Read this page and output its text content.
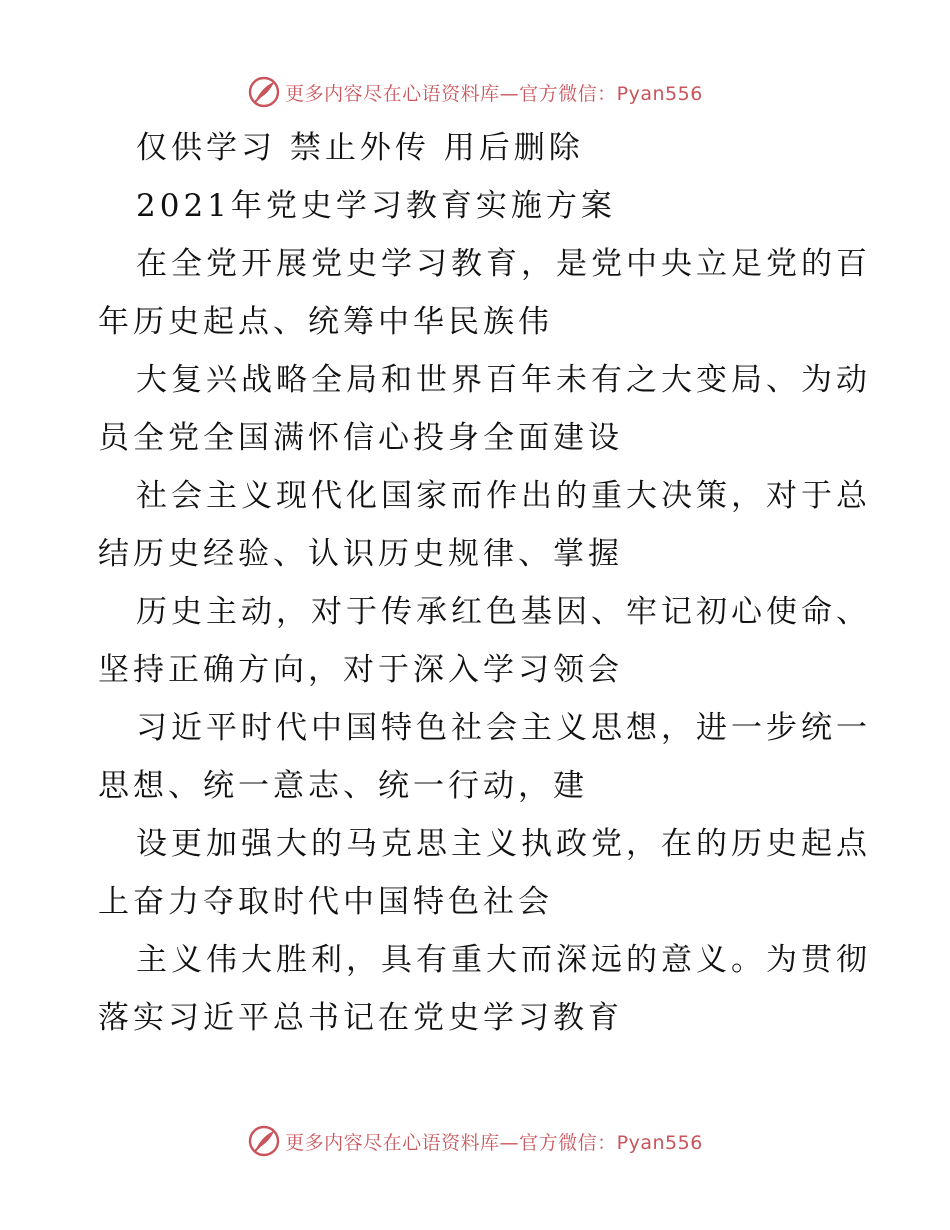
更多内容尽在心语资料库—官方微信：Pyan556
仅供学习 禁止外传 用后删除
2021年党史学习教育实施方案
在全党开展党史学习教育，是党中央立足党的百
年历史起点、统筹中华民族伟
大复兴战略全局和世界百年未有之大变局、为动
员全党全国满怀信心投身全面建设
社会主义现代化国家而作出的重大决策，对于总
结历史经验、认识历史规律、掌握
历史主动，对于传承红色基因、牢记初心使命、
坚持正确方向，对于深入学习领会
习近平时代中国特色社会主义思想，进一步统一
思想、统一意志、统一行动，建
设更加强大的马克思主义执政党，在的历史起点
上奋力夺取时代中国特色社会
主义伟大胜利，具有重大而深远的意义。为贯彻
落实习近平总书记在党史学习教育
更多内容尽在心语资料库—官方微信：Pyan556
